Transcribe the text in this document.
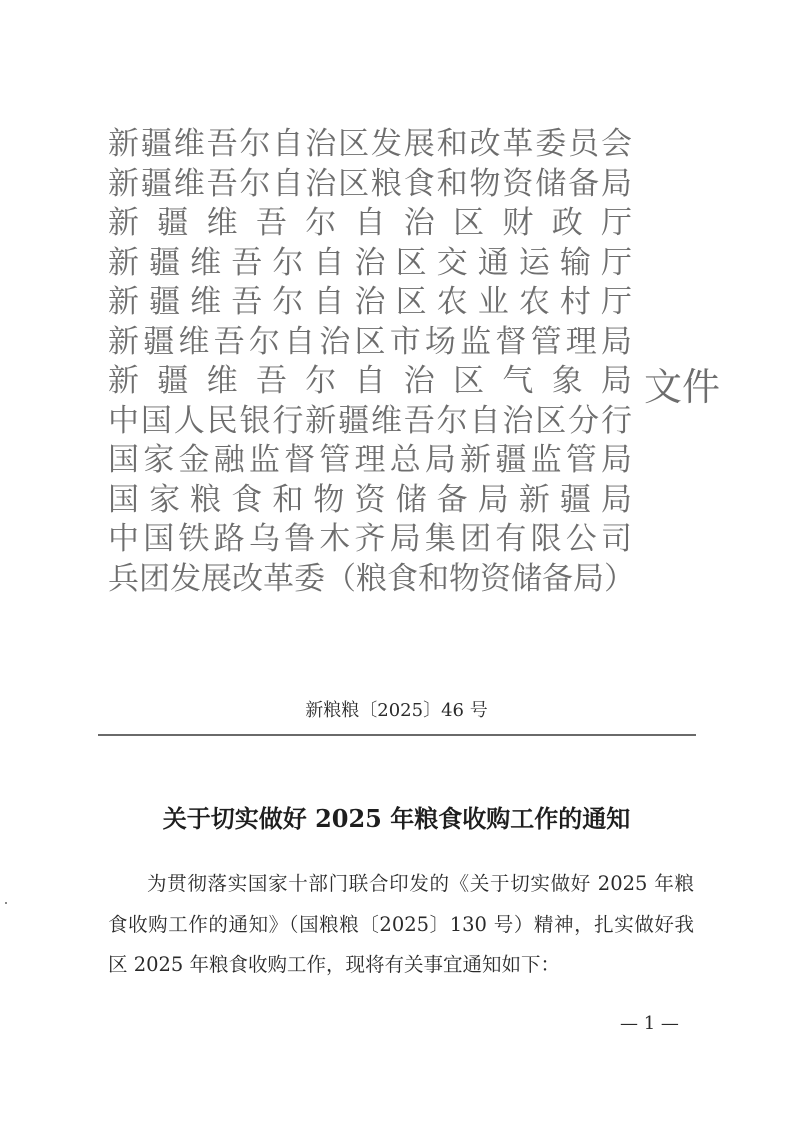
新疆维吾尔自治区发展和改革委员会
新疆维吾尔自治区粮食和物资储备局
新疆维吾尔自治区财政厅
新疆维吾尔自治区交通运输厅
新疆维吾尔自治区农业农村厅
新疆维吾尔自治区市场监督管理局
新疆维吾尔自治区气象局
中国人民银行新疆维吾尔自治区分行
国家金融监督管理总局新疆监管局
国家粮食和物资储备局新疆局
中国铁路乌鲁木齐局集团有限公司
兵团发展改革委（粮食和物资储备局）
文件
新粮粮〔2025〕46 号
关于切实做好 2025 年粮食收购工作的通知

为贯彻落实国家十部门联合印发的《关于切实做好 2025 年粮食收购工作的通知》（国粮粮〔2025〕130 号）精神，扎实做好我区 2025 年粮食收购工作，现将有关事宜通知如下：

— 1 —
